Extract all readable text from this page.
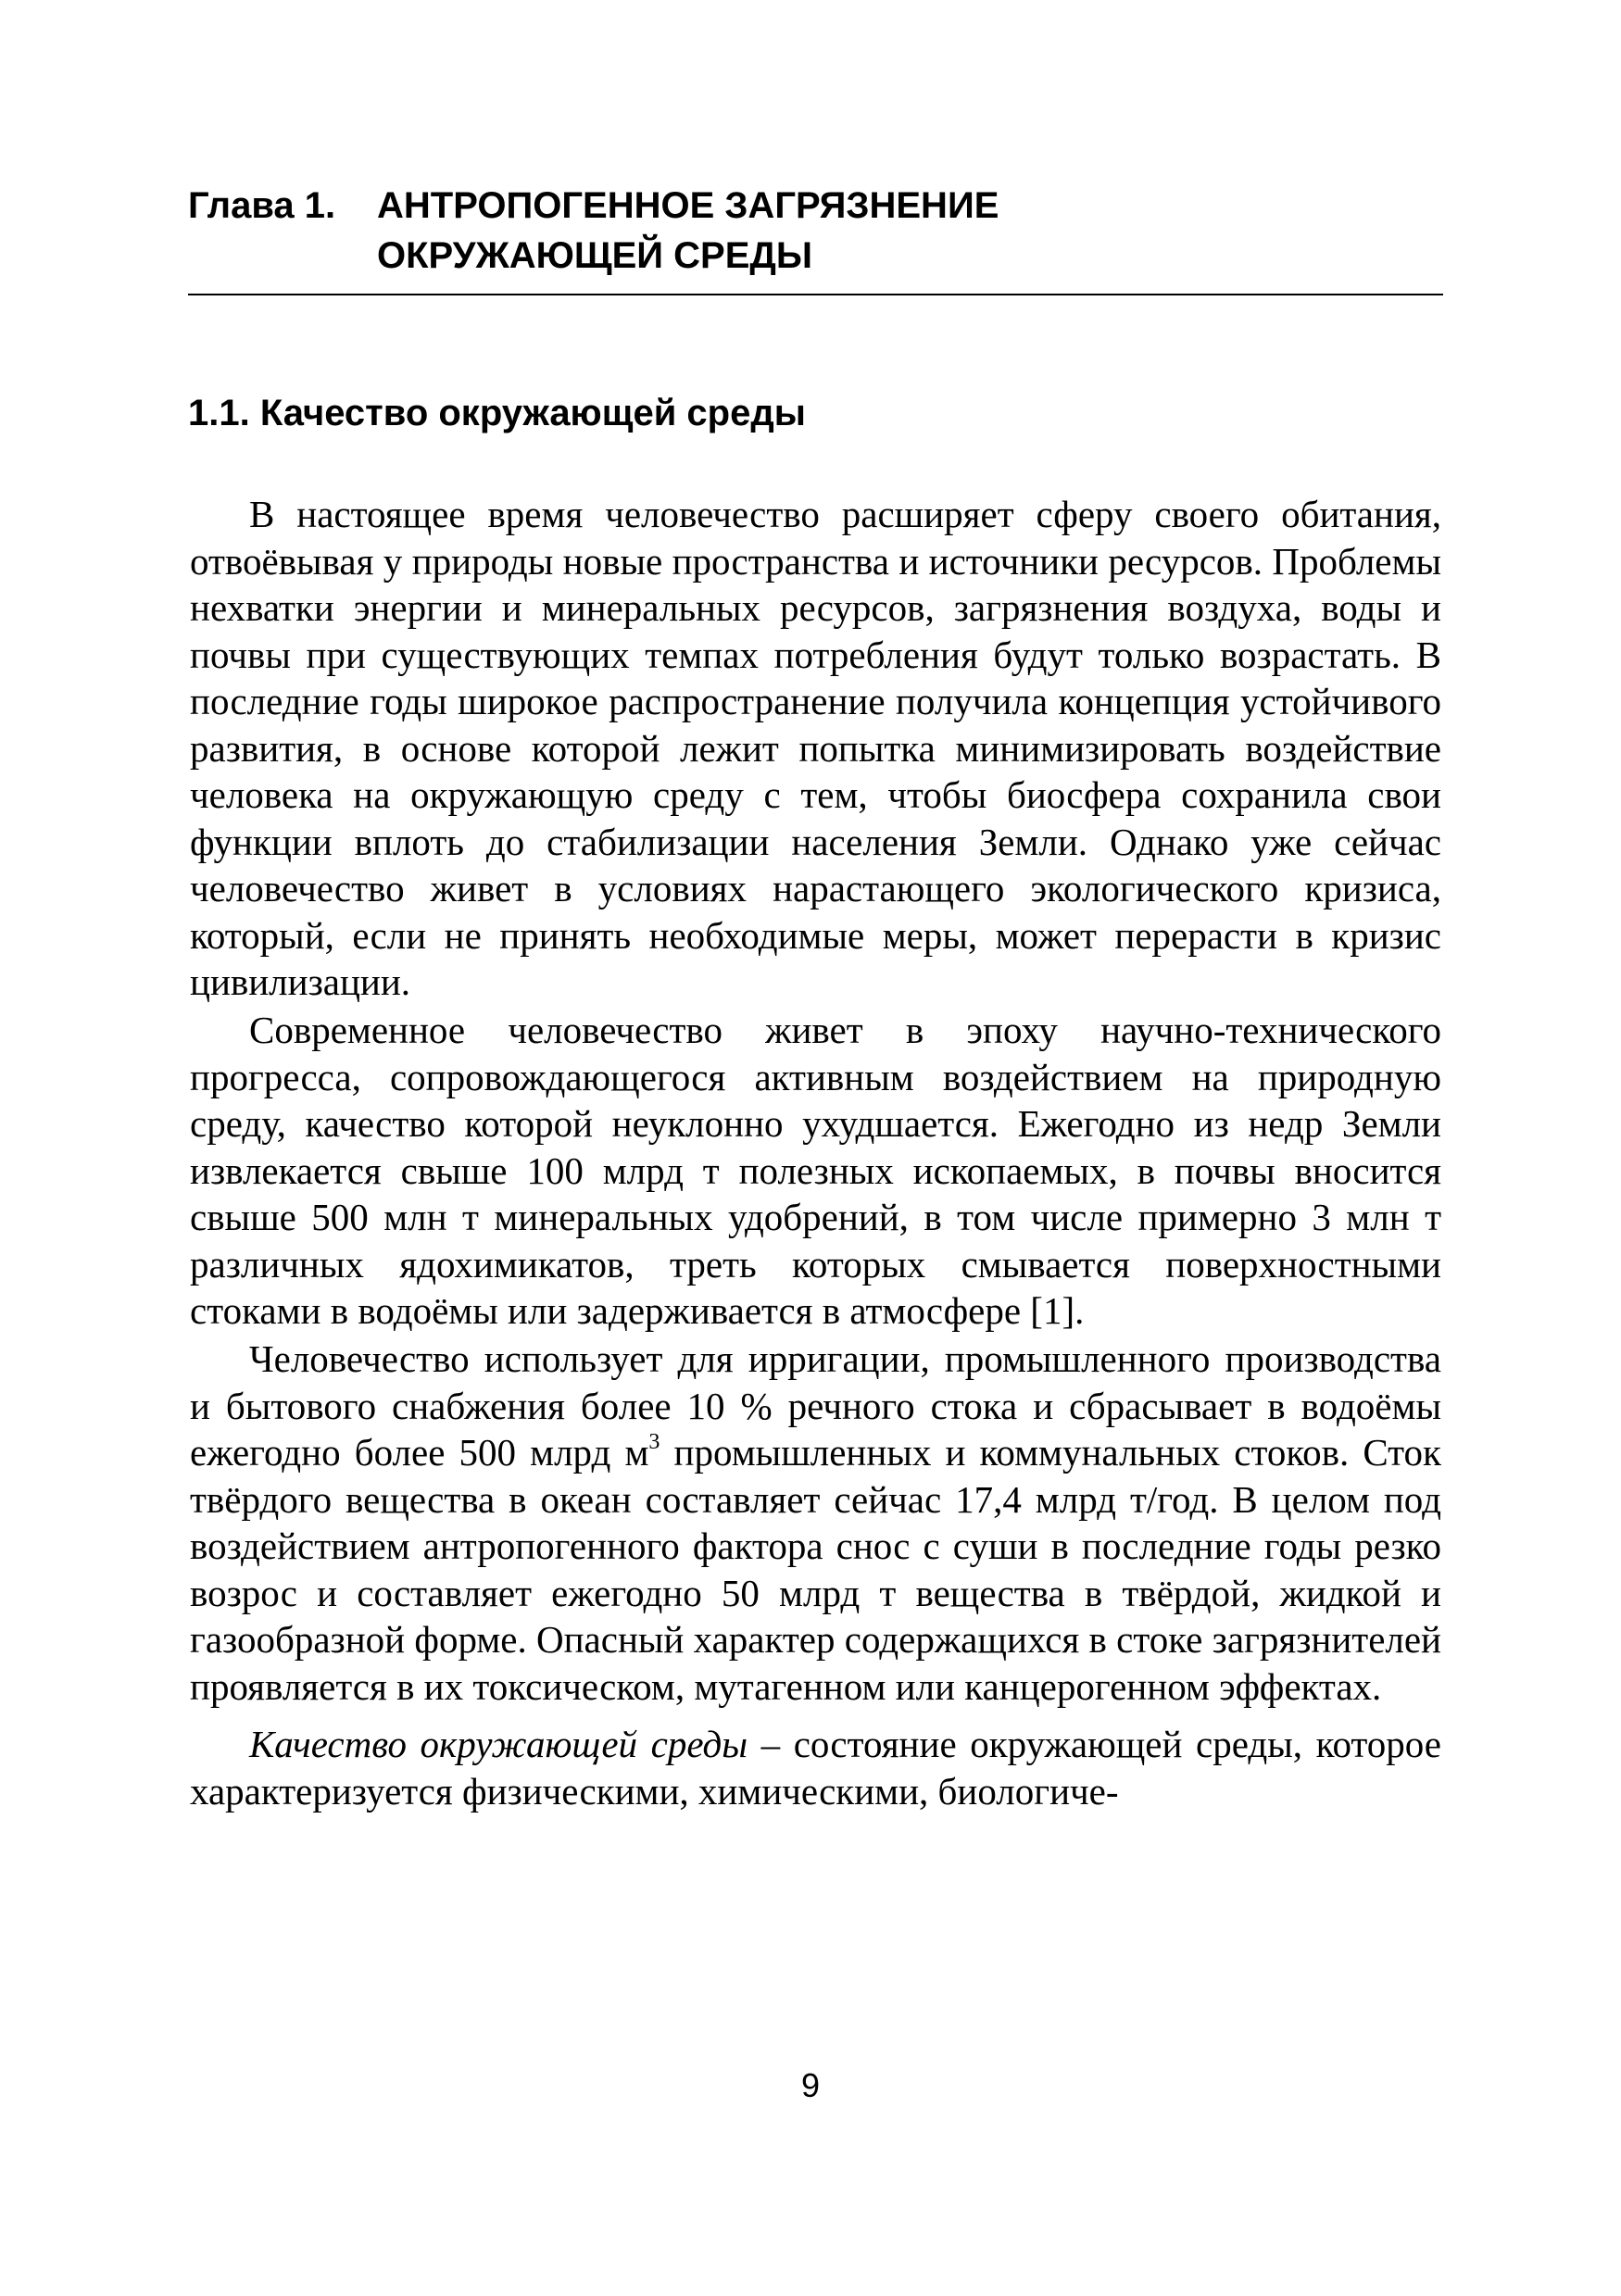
Глава 1.	АНТРОПОГЕННОЕ ЗАГРЯЗНЕНИЕ
ОКРУЖАЮЩЕЙ СРЕДЫ
1.1. Качество окружающей среды

В настоящее время человечество расширяет сферу своего обитания, отвоёвывая у природы новые пространства и источники ресурсов. Проблемы нехватки энергии и минеральных ресурсов, загрязнения воздуха, воды и почвы при существующих темпах потребления будут только возрастать. В последние годы широкое распространение получила концепция устойчивого развития, в основе которой лежит попытка минимизировать воздействие человека на окружающую среду с тем, чтобы биосфера сохранила свои функции вплоть до стабилизации населения Земли. Однако уже сейчас человечество живет в условиях нарастающего экологического кризиса, который, если не принять необходимые меры, может перерасти в кризис цивилизации.

Современное человечество живет в эпоху научно-технического прогресса, сопровождающегося активным воздействием на природную среду, качество которой неуклонно ухудшается. Ежегодно из недр Земли извлекается свыше 100 млрд т полезных ископаемых, в почвы вносится свыше 500 млн т минеральных удобрений, в том числе примерно 3 млн т различных ядохимикатов, треть которых смывается поверхностными стоками в водоёмы или задерживается в атмосфере [1].

Человечество использует для ирригации, промышленного производства и бытового снабжения более 10 % речного стока и сбрасывает в водоёмы ежегодно более 500 млрд $м^3$ промышленных и коммунальных стоков. Сток твёрдого вещества в океан составляет сейчас 17,4 млрд т/год. В целом под воздействием антропогенного фактора снос с суши в последние годы резко возрос и составляет ежегодно 50 млрд т вещества в твёрдой, жидкой и газообразной форме. Опасный характер содержащихся в стоке загрязнителей проявляется в их токсическом, мутагенном или канцерогенном эффектах.

Качество окружающей среды – состояние окружающей среды, которое характеризуется физическими, химическими, биологиче-

9
